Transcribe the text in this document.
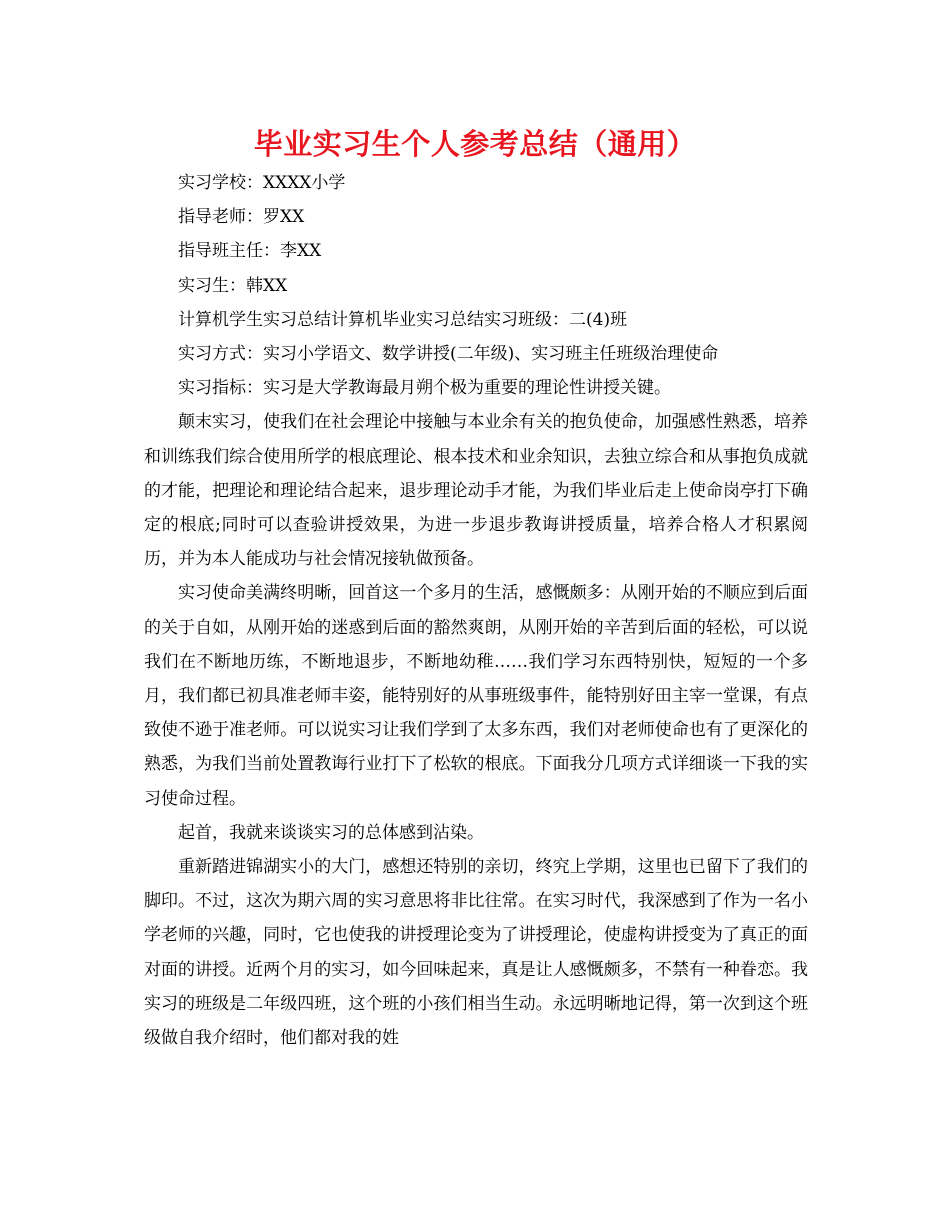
毕业实习生个人参考总结（通用）

实习学校：XXXX小学

指导老师：罗XX

指导班主任：李XX

实习生：韩XX

计算机学生实习总结计算机毕业实习总结实习班级：二(4)班

实习方式：实习小学语文、数学讲授(二年级)、实习班主任班级治理使命

实习指标：实习是大学教诲最月朔个极为重要的理论性讲授关键。

颠末实习，使我们在社会理论中接触与本业余有关的抱负使命，加强感性熟悉，培养和训练我们综合使用所学的根底理论、根本技术和业余知识，去独立综合和从事抱负成就的才能，把理论和理论结合起来，退步理论动手才能，为我们毕业后走上使命岗亭打下确定的根底;同时可以查验讲授效果，为进一步退步教诲讲授质量，培养合格人才积累阅历，并为本人能成功与社会情况接轨做预备。

实习使命美满终明晰，回首这一个多月的生活，感慨颇多：从刚开始的不顺应到后面的关于自如，从刚开始的迷惑到后面的豁然爽朗，从刚开始的辛苦到后面的轻松，可以说我们在不断地历练，不断地退步，不断地幼稚……我们学习东西特别快，短短的一个多月，我们都已初具准老师丰姿，能特别好的从事班级事件，能特别好田主宰一堂课，有点致使不逊于准老师。可以说实习让我们学到了太多东西，我们对老师使命也有了更深化的熟悉，为我们当前处置教诲行业打下了松软的根底。下面我分几项方式详细谈一下我的实习使命过程。

起首，我就来谈谈实习的总体感到沾染。

重新踏进锦湖实小的大门，感想还特别的亲切，终究上学期，这里也已留下了我们的脚印。不过，这次为期六周的实习意思将非比往常。在实习时代，我深感到了作为一名小学老师的兴趣，同时，它也使我的讲授理论变为了讲授理论，使虚构讲授变为了真正的面对面的讲授。近两个月的实习，如今回味起来，真是让人感慨颇多，不禁有一种眷恋。我实习的班级是二年级四班，这个班的小孩们相当生动。永远明晰地记得，第一次到这个班级做自我介绍时，他们都对我的姓
